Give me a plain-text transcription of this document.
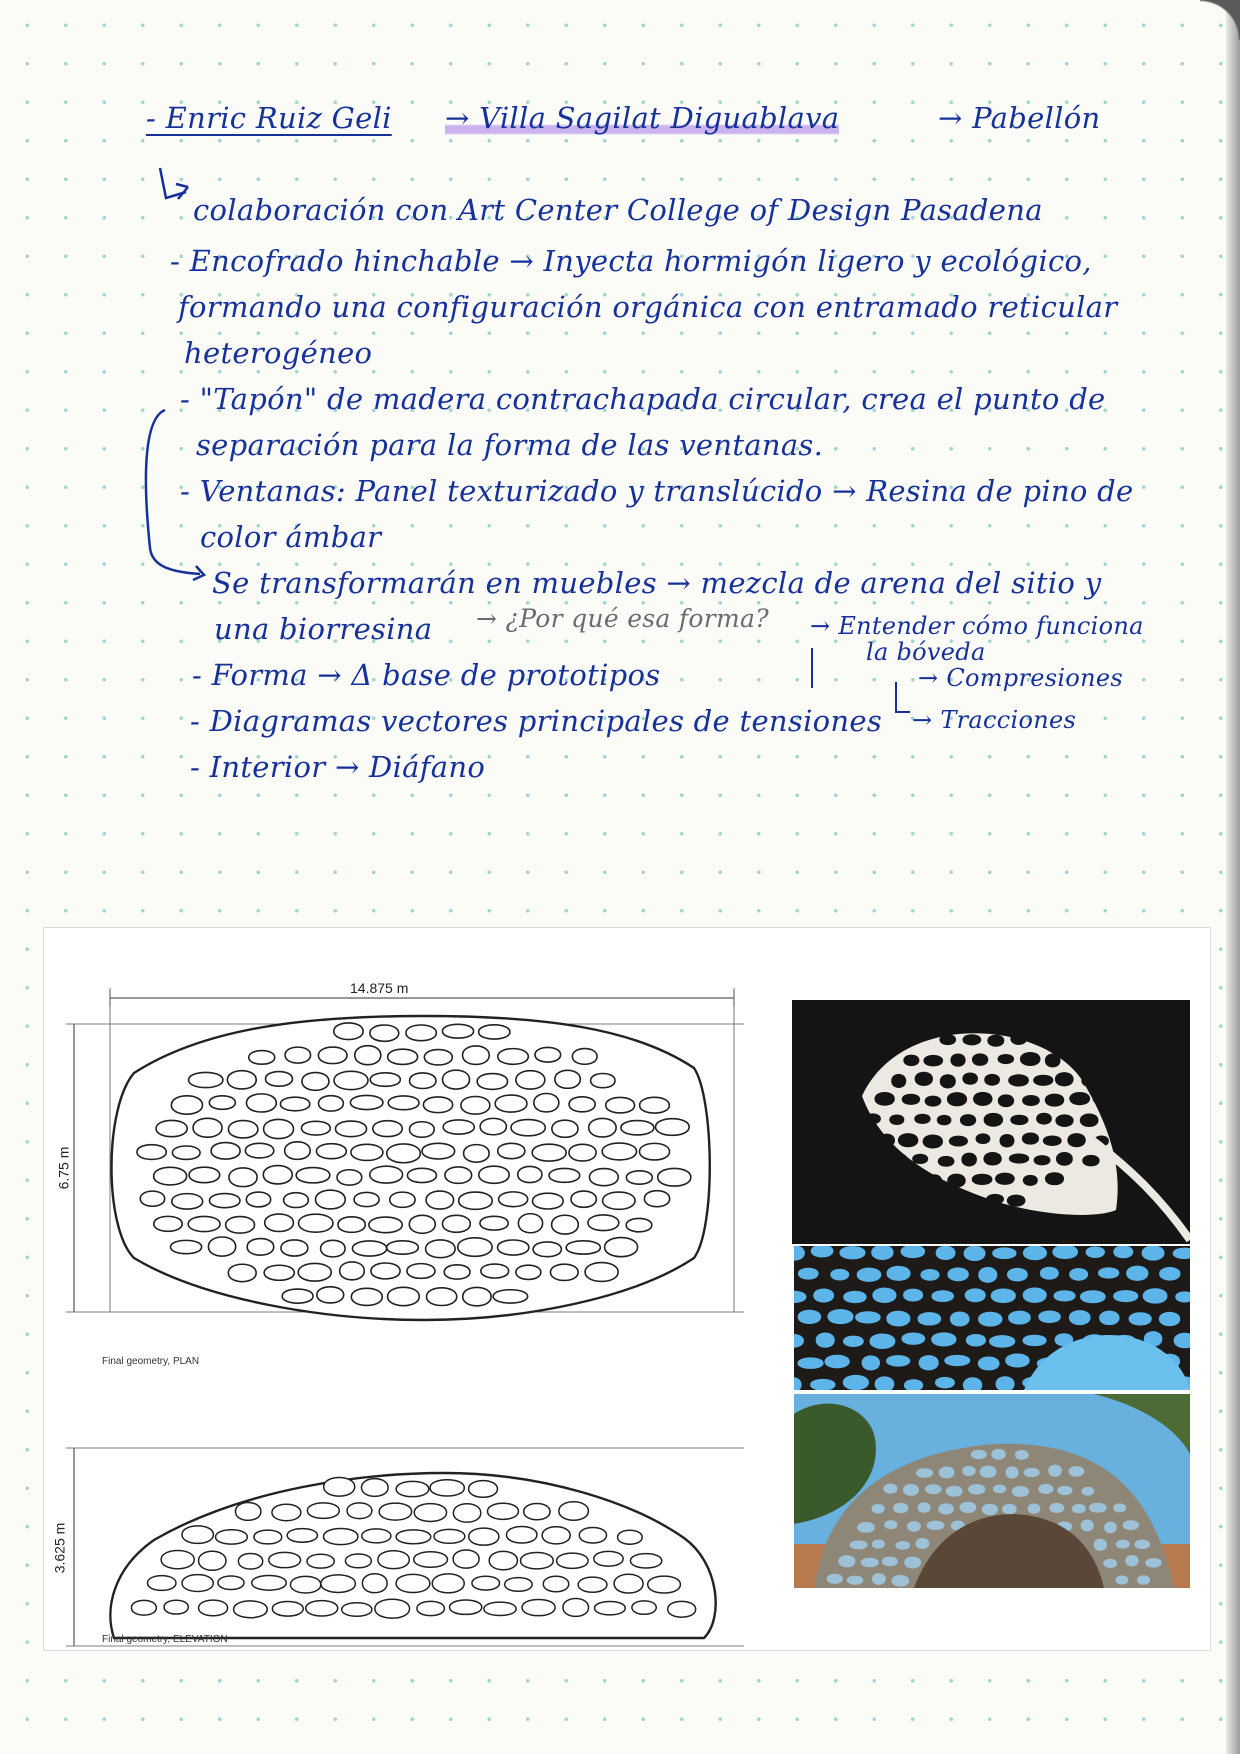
- Enric Ruiz Geli → Villa Sagilat Diguablava	→ Pabellón
colaboración con Art Center College of Design Pasadena
- Encofrado hinchable → Inyecta hormigón ligero y ecológico,
formando una configuración orgánica con entramado reticular
heterogéneo
- "Tapón" de madera contrachapada circular, crea el punto de
separación para la forma de las ventanas.
- Ventanas: Panel texturizado y translúcido → Resina de pino de
color ámbar
Se transformarán en muebles → mezcla de arena del sitio y
una biorresina → ¿Por qué esa forma? → Entender cómo funciona
la bóveda
- Forma → Δ base de prototipos	→ Compresiones
- Diagramas vectores principales de tensiones → Tracciones
- Interior → Diáfano
14.875 m
6.75 m
3.625 m
Final geometry, PLAN
Final geometry, ELEVATION
